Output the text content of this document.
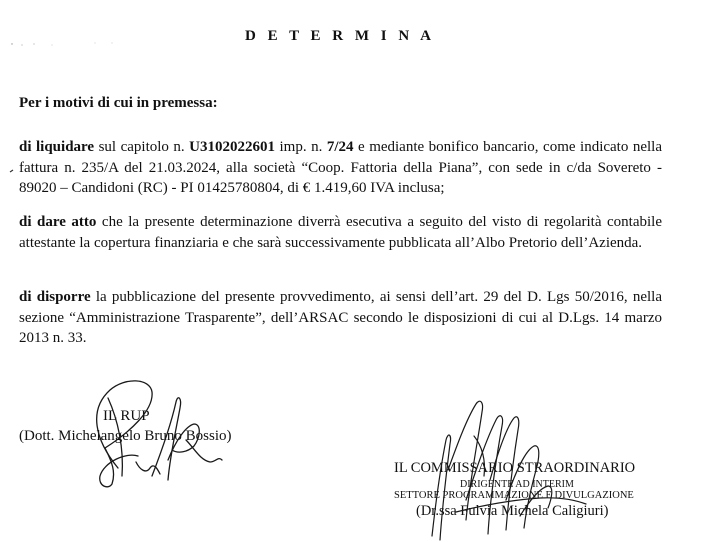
D E T E R M I N A
Per i motivi di cui in premessa:
di liquidare sul capitolo n. U3102022601 imp. n. 7/24 e mediante bonifico bancario, come indicato nella fattura n. 235/A del 21.03.2024, alla società “Coop. Fattoria della Piana”, con sede in c/da Sovereto - 89020 – Candidoni (RC) - PI 01425780804, di € 1.419,60 IVA inclusa;
di dare atto che la presente determinazione diverrà esecutiva a seguito del visto di regolarità contabile attestante la copertura finanziaria e che sarà successivamente pubblicata all’Albo Pretorio dell’Azienda.
di disporre la pubblicazione del presente provvedimento, ai sensi dell’art. 29 del D. Lgs 50/2016, nella sezione “Amministrazione Trasparente”, dell’ARSAC secondo le disposizioni di cui al D.Lgs. 14 marzo 2013 n. 33.
IL RUP
(Dott. Michelangelo Bruno Bossio)
IL COMMISSARIO STRAORDINARIO
DIRIGENTE AD INTERIM
SETTORE PROGRAMMAZIONE E DIVULGAZIONE
(Dr.ssa Fulvia Michela Caligiuri)
